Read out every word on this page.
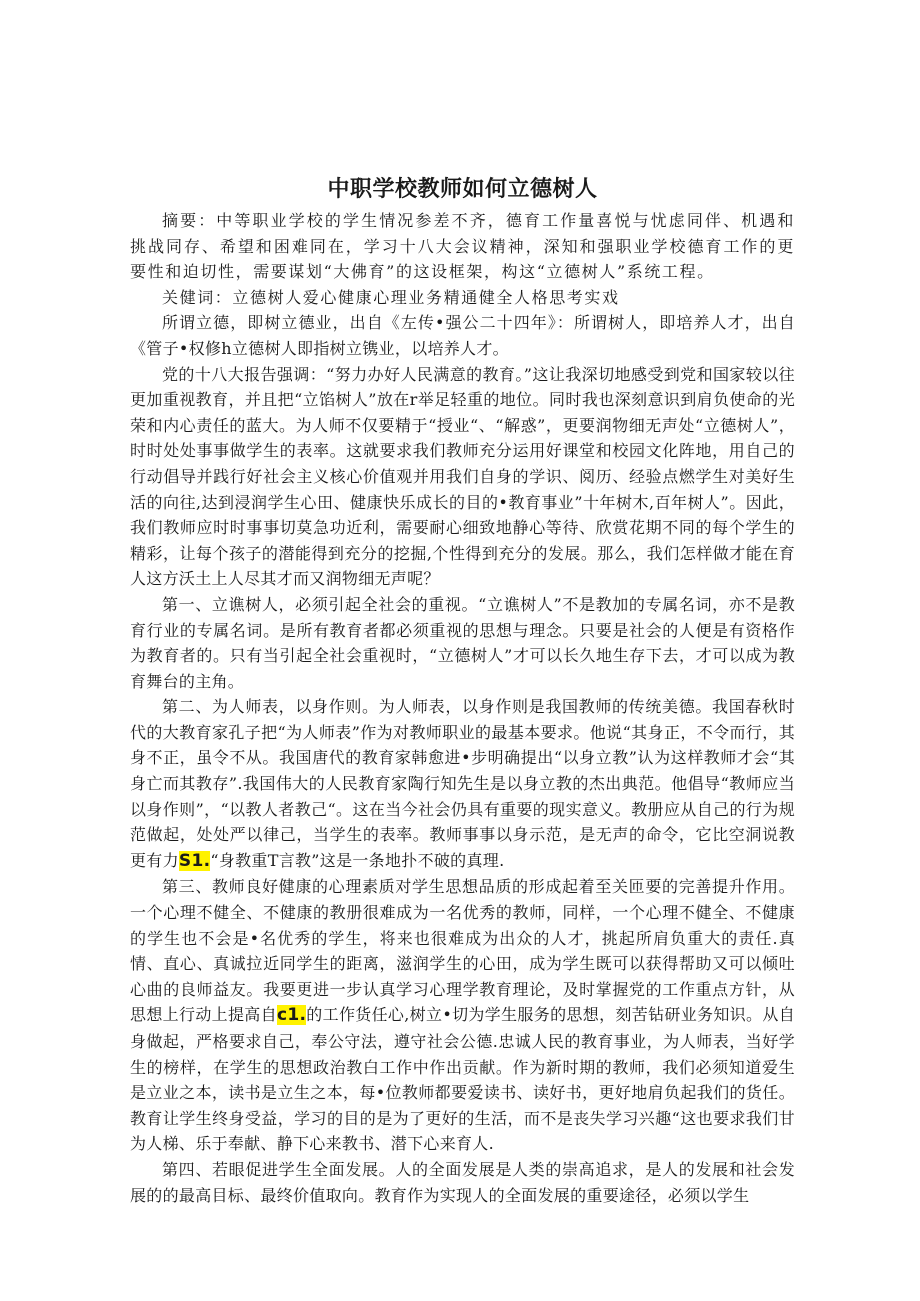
中职学校教师如何立德树人

摘要：中等职业学校的学生情况参差不齐，德育工作量喜悦与忧虑同伴、机遇和挑战同存、希望和困难同在，学习十八大会议精神，深知和强职业学校德育工作的更要性和迫切性，需要谋划“大佛育”的这设框架，构这“立德树人”系统工程。

关健词：立德树人爱心健康心理业务精通健全人格思考实戏

所谓立德，即树立德业，出自《左传•强公二十四年》：所谓树人，即培养人才，出自《管子•权修h立德树人即指树立镌业，以培养人才。

党的十八大报告强调：“努力办好人民满意的教育。”这让我深切地感受到党和国家较以往更加重视教育，并且把“立馅树人”放在r举足轻重的地位。同时我也深刻意识到肩负使命的光荣和内心责任的蓝大。为人师不仅要精于“授业“、“解惑”，更要润物细无声处“立德树人”，时时处处事事做学生的表率。这就要求我们教师充分运用好课堂和校园文化阵地，用自己的行动倡导并践行好社会主义核心价值观并用我们自身的学识、阅历、经验点燃学生对美好生活的向往,达到浸润学生心田、健康快乐成长的目的•教育事业”十年树木,百年树人”。因此，我们教师应时时事事切莫急功近利，需要耐心细致地静心等待、欣赏花期不同的每个学生的精彩，让每个孩子的潜能得到充分的挖掘,个性得到充分的发展。那么，我们怎样做才能在育人这方沃土上人尽其才而又润物细无声呢？

第一、立谯树人，必须引起全社会的重视。“立谯树人”不是教加的专属名词，亦不是教育行业的专属名词。是所有教育者都必须重视的思想与理念。只要是社会的人便是有资格作为教育者的。只有当引起全社会重视时，“立德树人”才可以长久地生存下去，才可以成为教育舞台的主角。

第二、为人师表，以身作则。为人师表，以身作则是我国教师的传统美德。我国春秋时代的大教育家孔子把“为人师表”作为对教师职业的最基本要求。他说“其身正，不令而行，其身不正，虽令不从。我国唐代的教育家韩愈进•步明确提出“以身立教”认为这样教师才会“其身亡而其教存”.我国伟大的人民教育家陶行知先生是以身立教的杰出典范。他倡导“教师应当以身作则”，“以教人者教己“。这在当今社会仍具有重要的现实意义。教册应从自己的行为规范做起，处处严以律己，当学生的表率。教师事事以身示范，是无声的命令，它比空洞说教更有力S1.“身教重T言教”这是一条地扑不破的真理.

第三、教师良好健康的心理素质对学生思想品质的形成起着至关匝要的完善提升作用。一个心理不健全、不健康的教册很难成为一名优秀的教师，同样，一个心理不健全、不健康的学生也不会是•名优秀的学生，将来也很难成为出众的人才，挑起所肩负重大的责任.真情、直心、真诚拉近同学生的距离，滋润学生的心田，成为学生既可以获得帮助又可以倾吐心曲的良师益友。我要更进一步认真学习心理学教育理论，及时掌握党的工作重点方针，从思想上行动上提高自c1.的工作货任心,树立•切为学生服务的思想，刻苦钻研业务知识。从自身做起，严格要求自己，奉公守法，遵守社会公德.忠诚人民的教育事业，为人师表，当好学生的榜样，在学生的思想政治教白工作中作出贡献。作为新时期的教师，我们必须知道爱生是立业之本，读书是立生之本，每•位教师都要爱读书、读好书，更好地肩负起我们的货任。教育让学生终身受益，学习的目的是为了更好的生活，而不是丧失学习兴趣“这也要求我们甘为人梯、乐于奉献、静下心来教书、潜下心来育人.

第四、若眼促进学生全面发展。人的全面发展是人类的崇高追求，是人的发展和社会发展的的最高目标、最终价值取向。教育作为实现人的全面发展的重要途径，必须以学生
